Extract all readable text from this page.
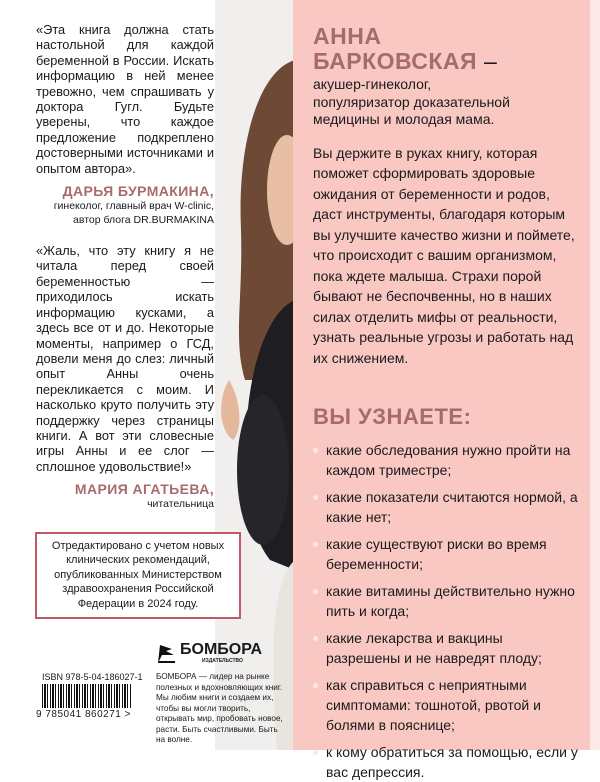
«Эта книга должна стать настольной для каждой беременной в России. Искать информацию в ней менее тревожно, чем спрашивать у доктора Гугл. Будьте уверены, что каждое предложение подкреплено достоверными источниками и опытом автора».
ДАРЬЯ БУРМАКИНА,
гинеколог, главный врач W-clinic,
автор блога DR.BURMAKINA
«Жаль, что эту книгу я не читала перед своей беременностью — приходилось искать информацию кусками, а здесь все от и до. Некоторые моменты, например о ГСД, довели меня до слез: личный опыт Анны очень перекликается с моим. И насколько круто получить эту поддержку через страницы книги. А вот эти словесные игры Анны и ее слог — сплошное удовольствие!»
МАРИЯ АГАТЬЕВА,
читательница
Отредактировано с учетом новых клинических рекомендаций, опубликованных Министерством здравоохранения Российской Федерации в 2024 году.
БОМБОРА
ИЗДАТЕЛЬСТВО
ISBN 978-5-04-186027-1
9 785041 860271 >
БОМБОРА — лидер на рынке полезных и вдохновляющих книг. Мы любим книги и создаем их, чтобы вы могли творить, открывать мир, пробовать новое, расти. Быть счастливыми. Быть на волне.
АННА
БАРКОВСКАЯ –
акушер-гинеколог, популяризатор доказательной медицины и молодая мама.
Вы держите в руках книгу, которая поможет сформировать здоровые ожидания от беременности и родов, даст инструменты, благодаря которым вы улучшите качество жизни и поймете, что происходит с вашим организмом, пока ждете малыша. Страхи порой бывают не беспочвенны, но в наших силах отделить мифы от реальности, узнать реальные угрозы и работать над их снижением.
ВЫ УЗНАЕТЕ:
какие обследования нужно пройти на каждом триместре;
какие показатели считаются нормой, а какие нет;
какие существуют риски во время беременности;
какие витамины действительно нужно пить и когда;
какие лекарства и вакцины разрешены и не навредят плоду;
как справиться с неприятными симптомами: тошнотой, рвотой и болями в пояснице;
к кому обратиться за помощью, если у вас депрессия.
